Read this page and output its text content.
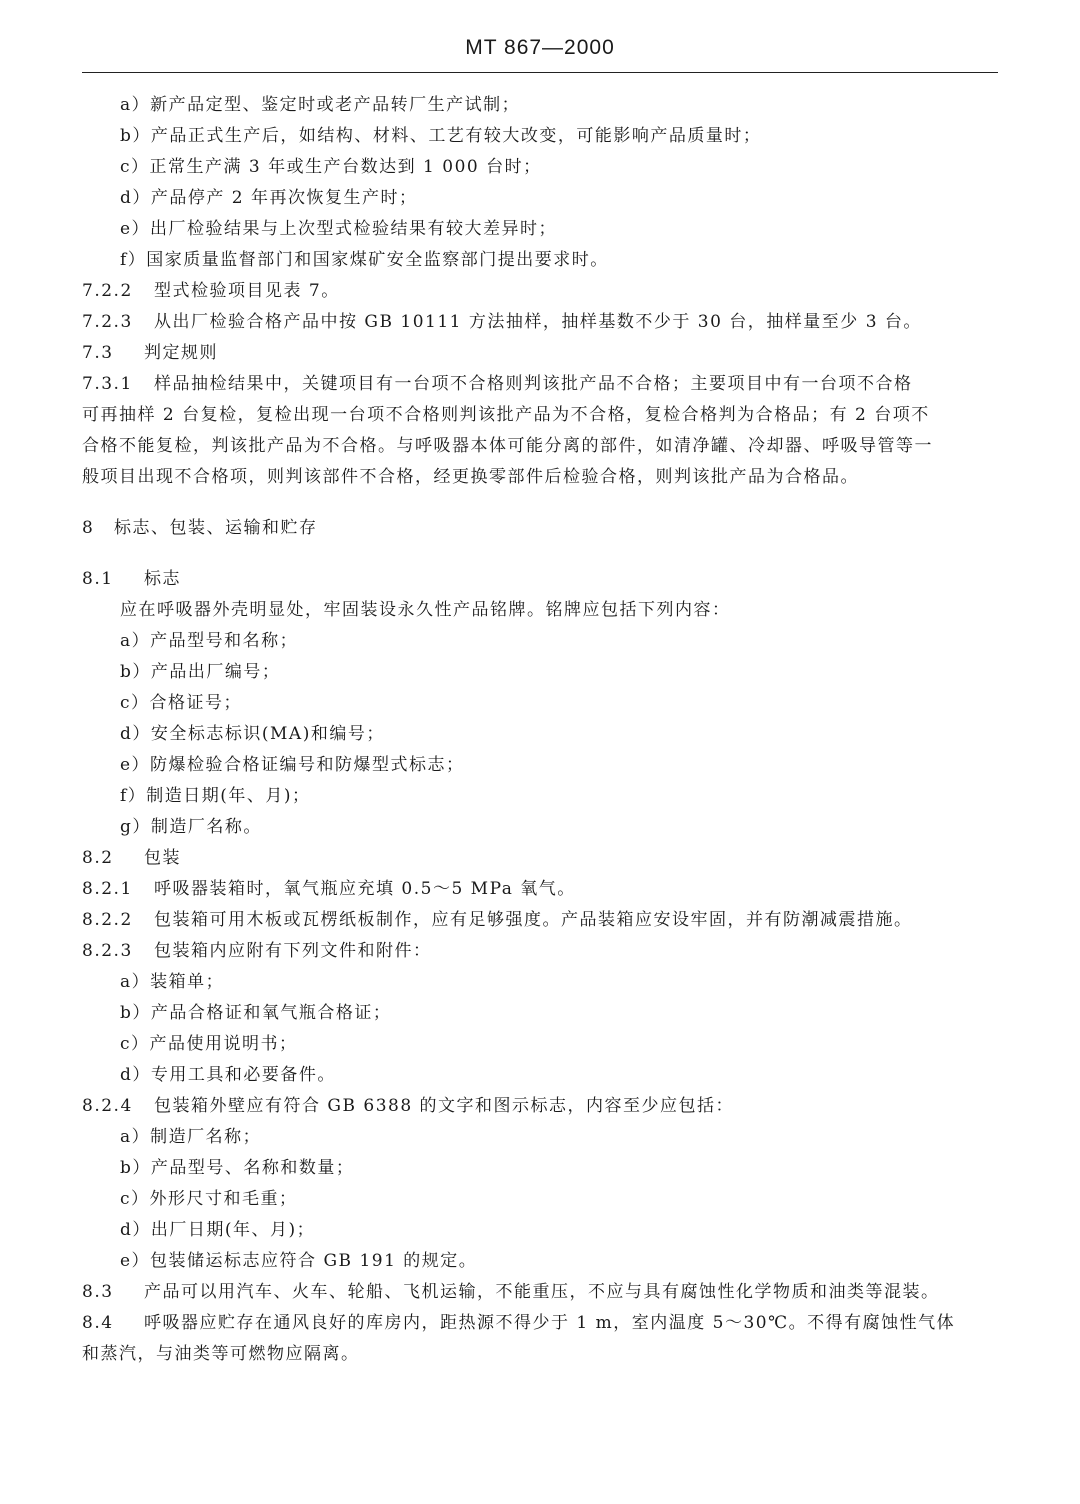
MT 867—2000
a）新产品定型、鉴定时或老产品转厂生产试制；
b）产品正式生产后，如结构、材料、工艺有较大改变，可能影响产品质量时；
c）正常生产满 3 年或生产台数达到 1 000 台时；
d）产品停产 2 年再次恢复生产时；
e）出厂检验结果与上次型式检验结果有较大差异时；
f）国家质量监督部门和国家煤矿安全监察部门提出要求时。
7.2.2 型式检验项目见表 7。
7.2.3 从出厂检验合格产品中按 GB 10111 方法抽样，抽样基数不少于 30 台，抽样量至少 3 台。
7.3 判定规则
7.3.1 样品抽检结果中，关键项目有一台项不合格则判该批产品不合格；主要项目中有一台项不合格
可再抽样 2 台复检，复检出现一台项不合格则判该批产品为不合格，复检合格判为合格品；有 2 台项不
合格不能复检，判该批产品为不合格。与呼吸器本体可能分离的部件，如清净罐、冷却器、呼吸导管等一
般项目出现不合格项，则判该部件不合格，经更换零部件后检验合格，则判该批产品为合格品。
8 标志、包装、运输和贮存
8.1 标志
应在呼吸器外壳明显处，牢固装设永久性产品铭牌。铭牌应包括下列内容：
a）产品型号和名称；
b）产品出厂编号；
c）合格证号；
d）安全标志标识(MA)和编号；
e）防爆检验合格证编号和防爆型式标志；
f）制造日期(年、月)；
g）制造厂名称。
8.2 包装
8.2.1 呼吸器装箱时，氧气瓶应充填 0.5～5 MPa 氧气。
8.2.2 包装箱可用木板或瓦楞纸板制作，应有足够强度。产品装箱应安设牢固，并有防潮减震措施。
8.2.3 包装箱内应附有下列文件和附件：
a）装箱单；
b）产品合格证和氧气瓶合格证；
c）产品使用说明书；
d）专用工具和必要备件。
8.2.4 包装箱外壁应有符合 GB 6388 的文字和图示标志，内容至少应包括：
a）制造厂名称；
b）产品型号、名称和数量；
c）外形尺寸和毛重；
d）出厂日期(年、月)；
e）包装储运标志应符合 GB 191 的规定。
8.3 产品可以用汽车、火车、轮船、飞机运输，不能重压，不应与具有腐蚀性化学物质和油类等混装。
8.4 呼吸器应贮存在通风良好的库房内，距热源不得少于 1 m，室内温度 5～30℃。不得有腐蚀性气体
和蒸汽，与油类等可燃物应隔离。
